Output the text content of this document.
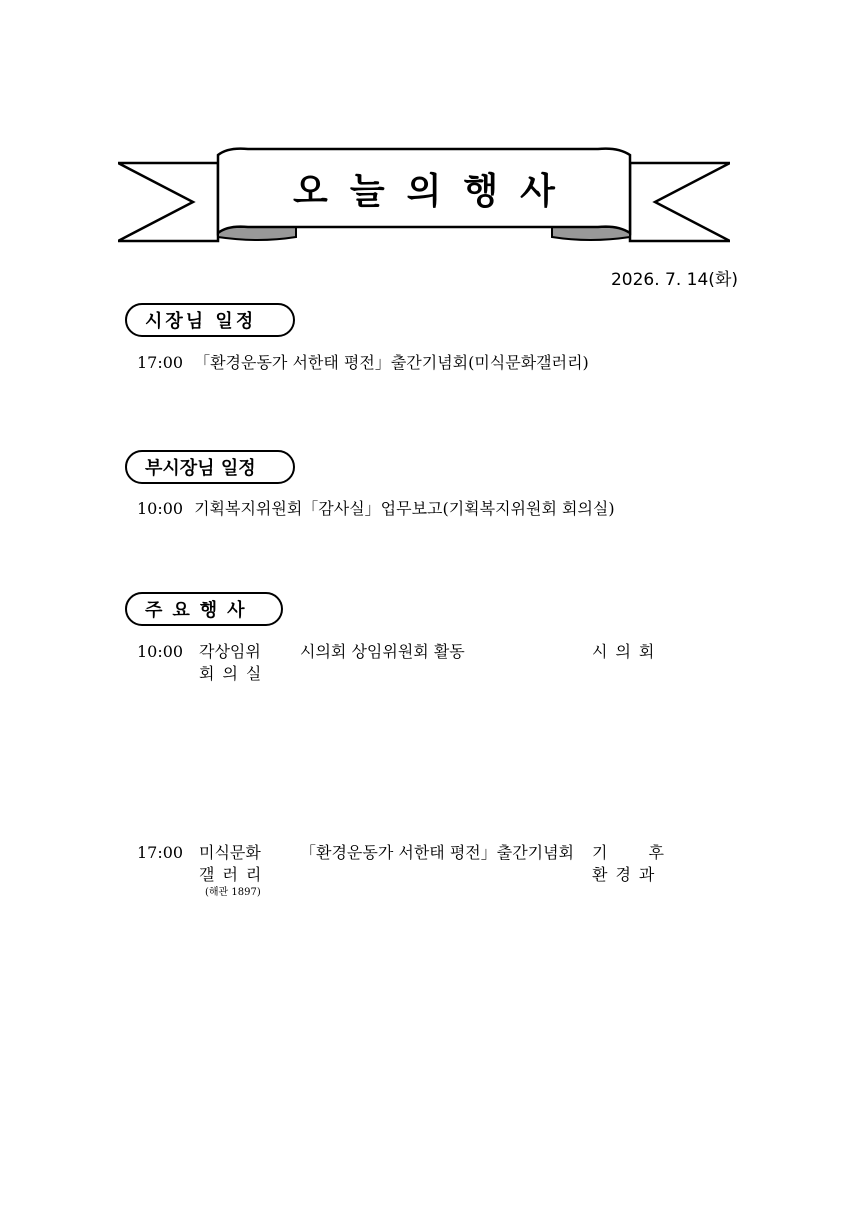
오늘의행사
2026. 7. 14(화)
시장님 일정
17:00 「환경운동가 서한태 평전」출간기념회(미식문화갤러리)
부시장님 일정
10:00 기획복지위원회「감사실」업무보고(기획복지위원회 회의실)
주요행사
10:00 각상임위
회의실
시의회 상임위원회 활동	시의회
17:00 미식문화
갤러리
(해관 1897)
「환경운동가 서한태 평전」출간기념회 기	후
환경과
